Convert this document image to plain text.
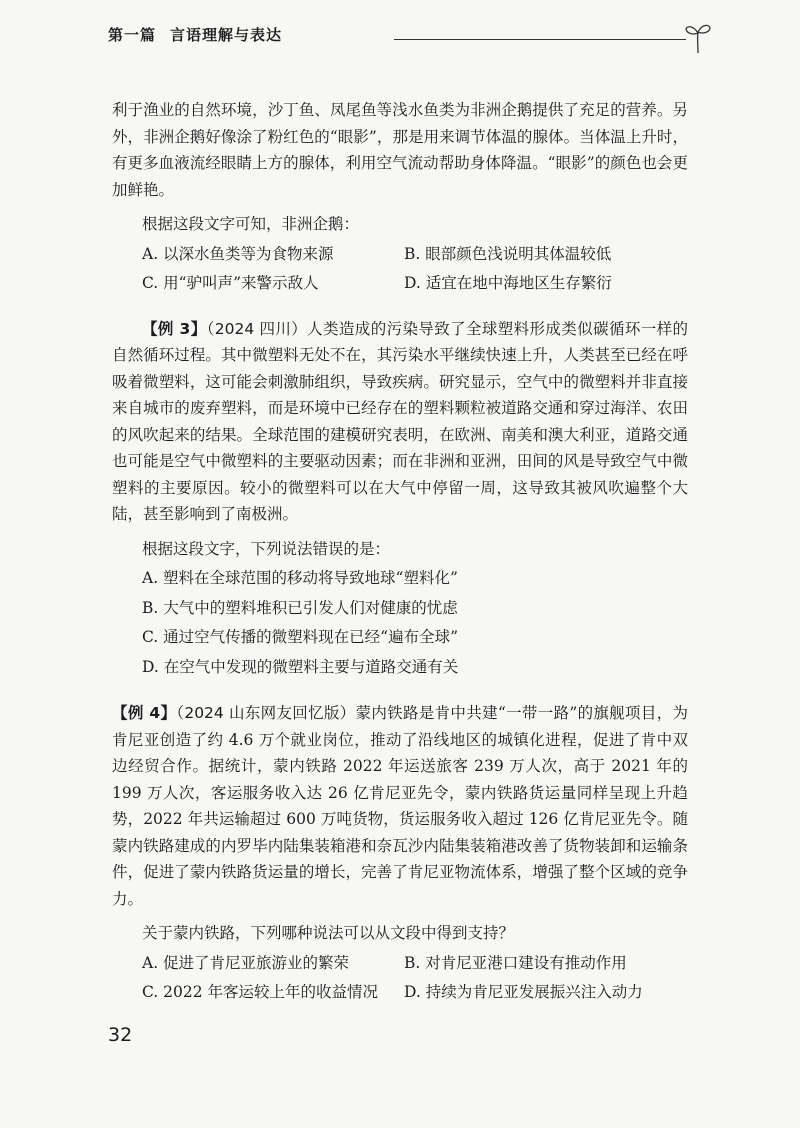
第一篇 言语理解与表达

利于渔业的自然环境，沙丁鱼、凤尾鱼等浅水鱼类为非洲企鹅提供了充足的营养。另外，非洲企鹅好像涂了粉红色的“眼影”，那是用来调节体温的腺体。当体温上升时，有更多血液流经眼睛上方的腺体，利用空气流动帮助身体降温。“眼影”的颜色也会更加鲜艳。

根据这段文字可知，非洲企鹅：

A. 以深水鱼类等为食物来源	B. 眼部颜色浅说明其体温较低
C. 用“驴叫声”来警示敌人	D. 适宜在地中海地区生存繁衍

【例 3】（2024 四川）人类造成的污染导致了全球塑料形成类似碳循环一样的自然循环过程。其中微塑料无处不在，其污染水平继续快速上升，人类甚至已经在呼吸着微塑料，这可能会刺激肺组织，导致疾病。研究显示，空气中的微塑料并非直接来自城市的废弃塑料，而是环境中已经存在的塑料颗粒被道路交通和穿过海洋、农田的风吹起来的结果。全球范围的建模研究表明，在欧洲、南美和澳大利亚，道路交通也可能是空气中微塑料的主要驱动因素；而在非洲和亚洲，田间的风是导致空气中微塑料的主要原因。较小的微塑料可以在大气中停留一周，这导致其被风吹遍整个大陆，甚至影响到了南极洲。

根据这段文字，下列说法错误的是：

A. 塑料在全球范围的移动将导致地球“塑料化”
B. 大气中的塑料堆积已引发人们对健康的忧虑
C. 通过空气传播的微塑料现在已经“遍布全球”
D. 在空气中发现的微塑料主要与道路交通有关

【例 4】（2024 山东网友回忆版）蒙内铁路是肯中共建“一带一路”的旗舰项目，为肯尼亚创造了约 4.6 万个就业岗位，推动了沿线地区的城镇化进程，促进了肯中双边经贸合作。据统计，蒙内铁路 2022 年运送旅客 239 万人次，高于 2021 年的 199 万人次，客运服务收入达 26 亿肯尼亚先令，蒙内铁路货运量同样呈现上升趋势，2022 年共运输超过 600 万吨货物，货运服务收入超过 126 亿肯尼亚先令。随蒙内铁路建成的内罗毕内陆集装箱港和奈瓦沙内陆集装箱港改善了货物装卸和运输条件，促进了蒙内铁路货运量的增长，完善了肯尼亚物流体系，增强了整个区域的竞争力。

关于蒙内铁路，下列哪种说法可以从文段中得到支持？

A. 促进了肯尼亚旅游业的繁荣	B. 对肯尼亚港口建设有推动作用
C. 2022 年客运较上年的收益情况	D. 持续为肯尼亚发展振兴注入动力
32
